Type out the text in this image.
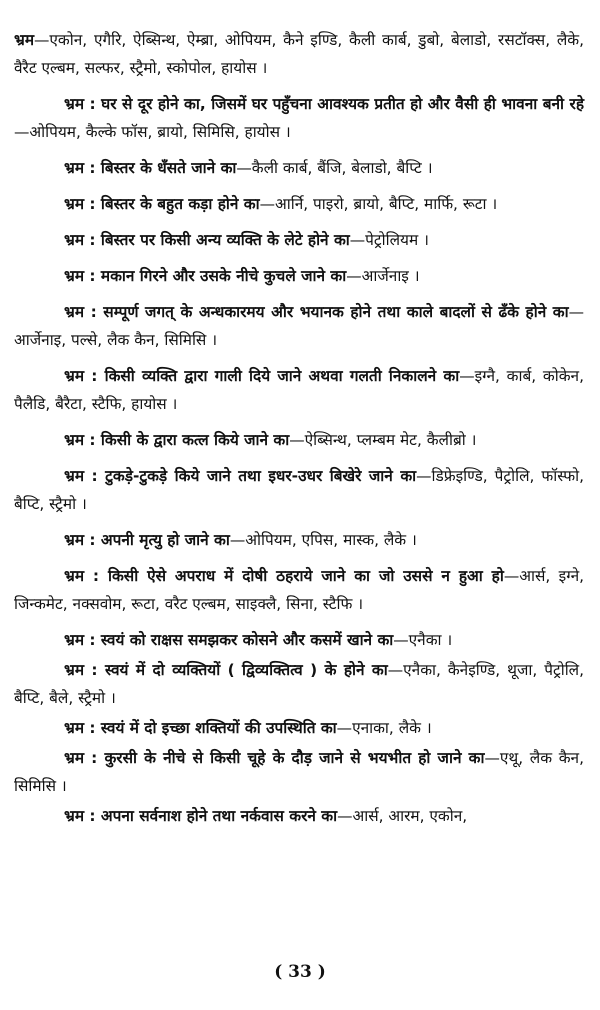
भ्रम—एकोन, एगैरि, ऐब्सिन्थ, ऐम्ब्रा, ओपियम, कैने इण्डि, कैली कार्ब, डुबो, बेलाडो, रसटॉक्स, लैके, वैरैट एल्बम, सल्फर, स्ट्रैमो, स्कोपोल, हायोस ।

भ्रम : घर से दूर होने का, जिसमें घर पहुँचना आवश्यक प्रतीत हो और वैसी ही भावना बनी रहे—ओपियम, कैल्के फॉस, ब्रायो, सिमिसि, हायोस ।

भ्रम : बिस्तर के धँसते जाने का—कैली कार्ब, बैंजि, बेलाडो, बैप्टि ।

भ्रम : बिस्तर के बहुत कड़ा होने का—आर्नि, पाइरो, ब्रायो, बैप्टि, मार्फि, रूटा ।

भ्रम : बिस्तर पर किसी अन्य व्यक्ति के लेटे होने का—पेट्रोलियम ।

भ्रम : मकान गिरने और उसके नीचे कुचले जाने का—आर्जेनाइ ।

भ्रम : सम्पूर्ण जगत् के अन्धकारमय और भयानक होने तथा काले बादलों से ढँके होने का—आर्जेनाइ, पल्से, लैक कैन, सिमिसि ।

भ्रम : किसी व्यक्ति द्वारा गाली दिये जाने अथवा गलती निकालने का—इग्नै, कार्ब, कोकेन, पैलैडि, बैरैटा, स्टैफि, हायोस ।

भ्रम : किसी के द्वारा कत्ल किये जाने का—ऐब्सिन्थ, प्लम्बम मेट, कैलीब्रो ।

भ्रम : टुकड़े-टुकड़े किये जाने तथा इधर-उधर बिखेरे जाने का—डिफ्रेइण्डि, पैट्रोलि, फॉस्फो, बैप्टि, स्ट्रैमो ।

भ्रम : अपनी मृत्यु हो जाने का—ओपियम, एपिस, मास्क, लैके ।

भ्रम : किसी ऐसे अपराध में दोषी ठहराये जाने का जो उससे न हुआ हो—आर्स, इग्ने, जिन्कमेट, नक्सवोम, रूटा, वरैट एल्बम, साइक्लै, सिना, स्टैफि ।

भ्रम : स्वयं को राक्षस समझकर कोसने और कसमें खाने का—एनैका ।

भ्रम : स्वयं में दो व्यक्तियों ( द्विव्यक्तित्व ) के होने का—एनैका, कैनेइण्डि, थूजा, पैट्रोलि, बैप्टि, बैले, स्ट्रैमो ।

भ्रम : स्वयं में दो इच्छा शक्तियों की उपस्थिति का—एनाका, लैके ।

भ्रम : कुरसी के नीचे से किसी चूहे के दौड़ जाने से भयभीत हो जाने का—एथू, लैक कैन, सिमिसि ।

भ्रम : अपना सर्वनाश होने तथा नर्कवास करने का—आर्स, आरम, एकोन,

( 33 )
